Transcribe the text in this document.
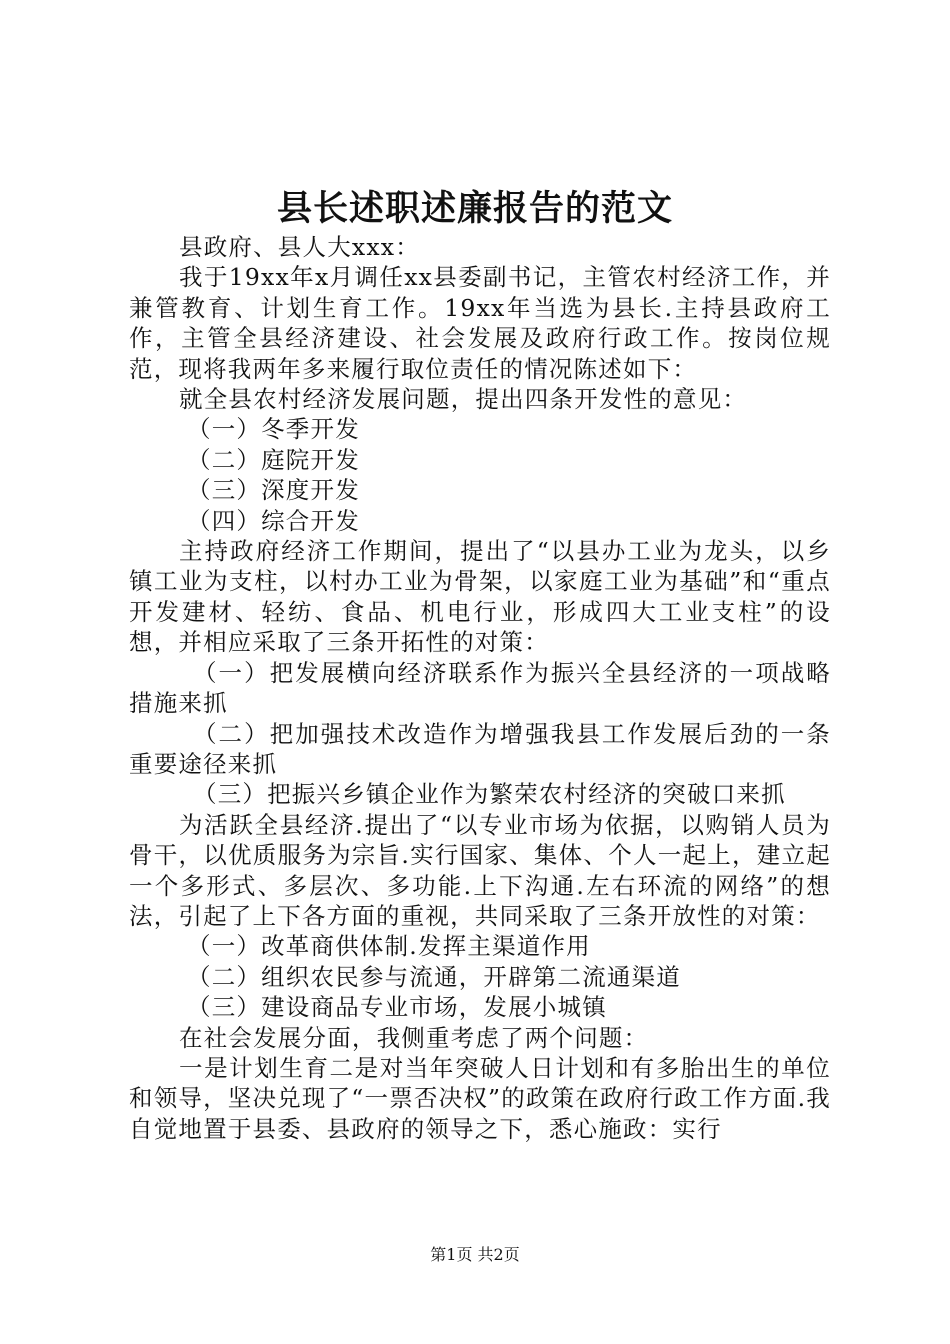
县长述职述廉报告的范文

县政府、县人大xxx：

我于19xx年x月调任xx县委副书记，主管农村经济工作，并兼管教育、计划生育工作。19xx年当选为县长.主持县政府工作，主管全县经济建设、社会发展及政府行政工作。按岗位规范，现将我两年多来履行取位责任的情况陈述如下：

就全县农村经济发展问题，提出四条开发性的意见：

（一）冬季开发

（二）庭院开发

（三）深度开发

（四）综合开发

主持政府经济工作期间，提出了“以县办工业为龙头，以乡镇工业为支柱，以村办工业为骨架，以家庭工业为基础”和“重点开发建材、轻纺、食品、机电行业，形成四大工业支柱”的设想，并相应采取了三条开拓性的对策：

（一）把发展横向经济联系作为振兴全县经济的一项战略措施来抓

（二）把加强技术改造作为增强我县工作发展后劲的一条重要途径来抓

（三）把振兴乡镇企业作为繁荣农村经济的突破口来抓

为活跃全县经济.提出了“以专业市场为依据，以购销人员为骨干，以优质服务为宗旨.实行国家、集体、个人一起上，建立起一个多形式、多层次、多功能.上下沟通.左右环流的网络”的想法，引起了上下各方面的重视，共同采取了三条开放性的对策：

（一）改革商供体制.发挥主渠道作用

（二）组织农民参与流通，开辟第二流通渠道

（三）建设商品专业市场，发展小城镇

在社会发展分面，我侧重考虑了两个问题：

一是计划生育二是对当年突破人日计划和有多胎出生的单位和领导，坚决兑现了“一票否决权”的政策在政府行政工作方面.我自觉地置于县委、县政府的领导之下，悉心施政：实行

第1页 共2页
